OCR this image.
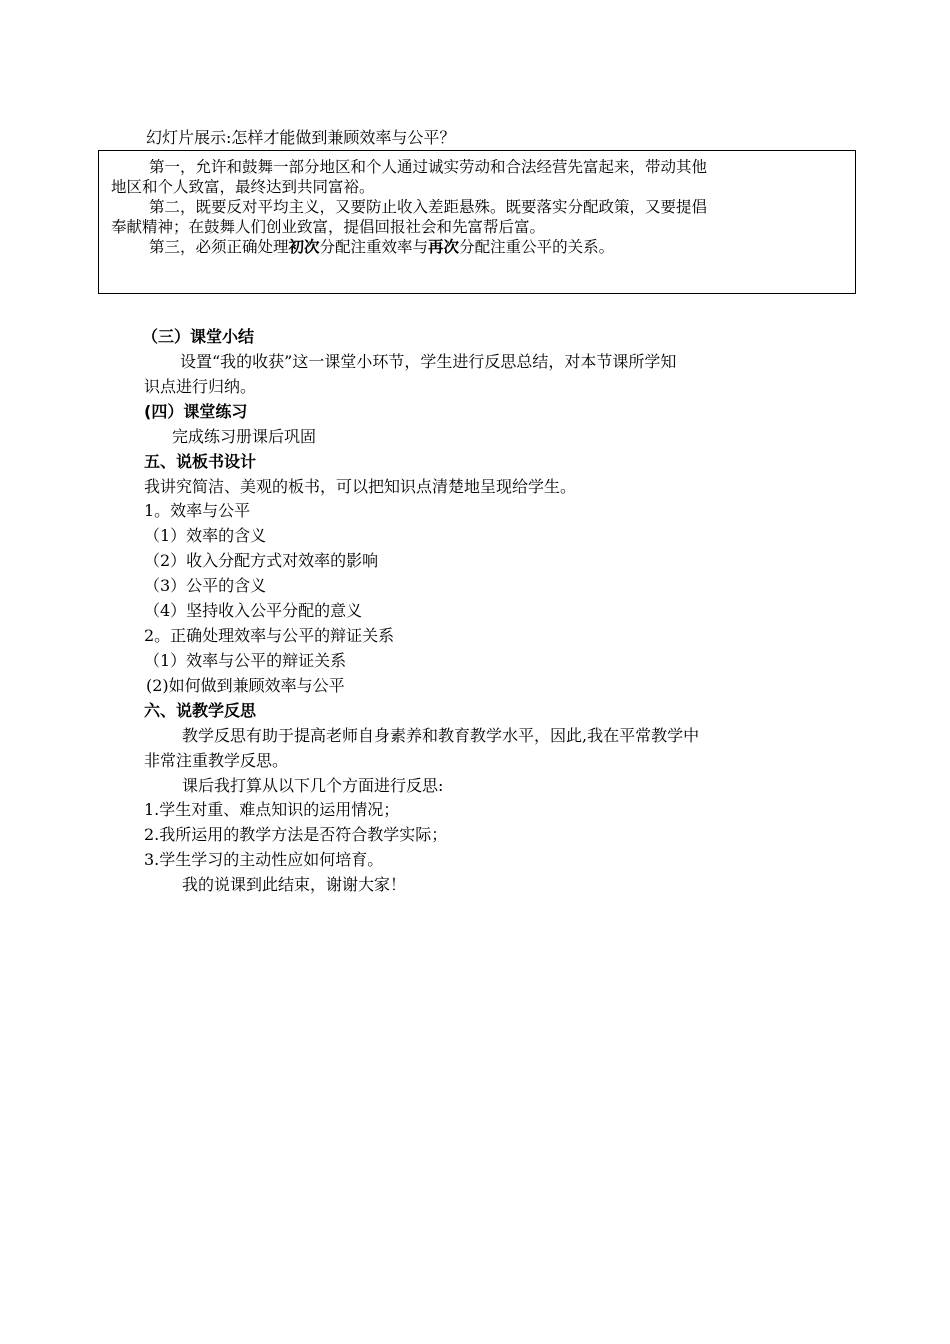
幻灯片展示:怎样才能做到兼顾效率与公平？
第一，允许和鼓舞一部分地区和个人通过诚实劳动和合法经营先富起来，带动其他
地区和个人致富，最终达到共同富裕。
第二，既要反对平均主义，又要防止收入差距悬殊。既要落实分配政策，又要提倡
奉献精神；在鼓舞人们创业致富，提倡回报社会和先富帮后富。
第三，必须正确处理初次分配注重效率与再次分配注重公平的关系。
（三）课堂小结
设置“我的收获”这一课堂小环节，学生进行反思总结，对本节课所学知
识点进行归纳。
(四）课堂练习
完成练习册课后巩固
五、说板书设计
我讲究简洁、美观的板书，可以把知识点清楚地呈现给学生。
1。效率与公平
（1）效率的含义
（2）收入分配方式对效率的影响
（3）公平的含义
（4）坚持收入公平分配的意义
2。正确处理效率与公平的辩证关系
（1）效率与公平的辩证关系
(2)如何做到兼顾效率与公平
六、说教学反思
教学反思有助于提高老师自身素养和教育教学水平，因此,我在平常教学中
非常注重教学反思。
课后我打算从以下几个方面进行反思:
1.学生对重、难点知识的运用情况；
2.我所运用的教学方法是否符合教学实际；
3.学生学习的主动性应如何培育。
我的说课到此结束，谢谢大家！
